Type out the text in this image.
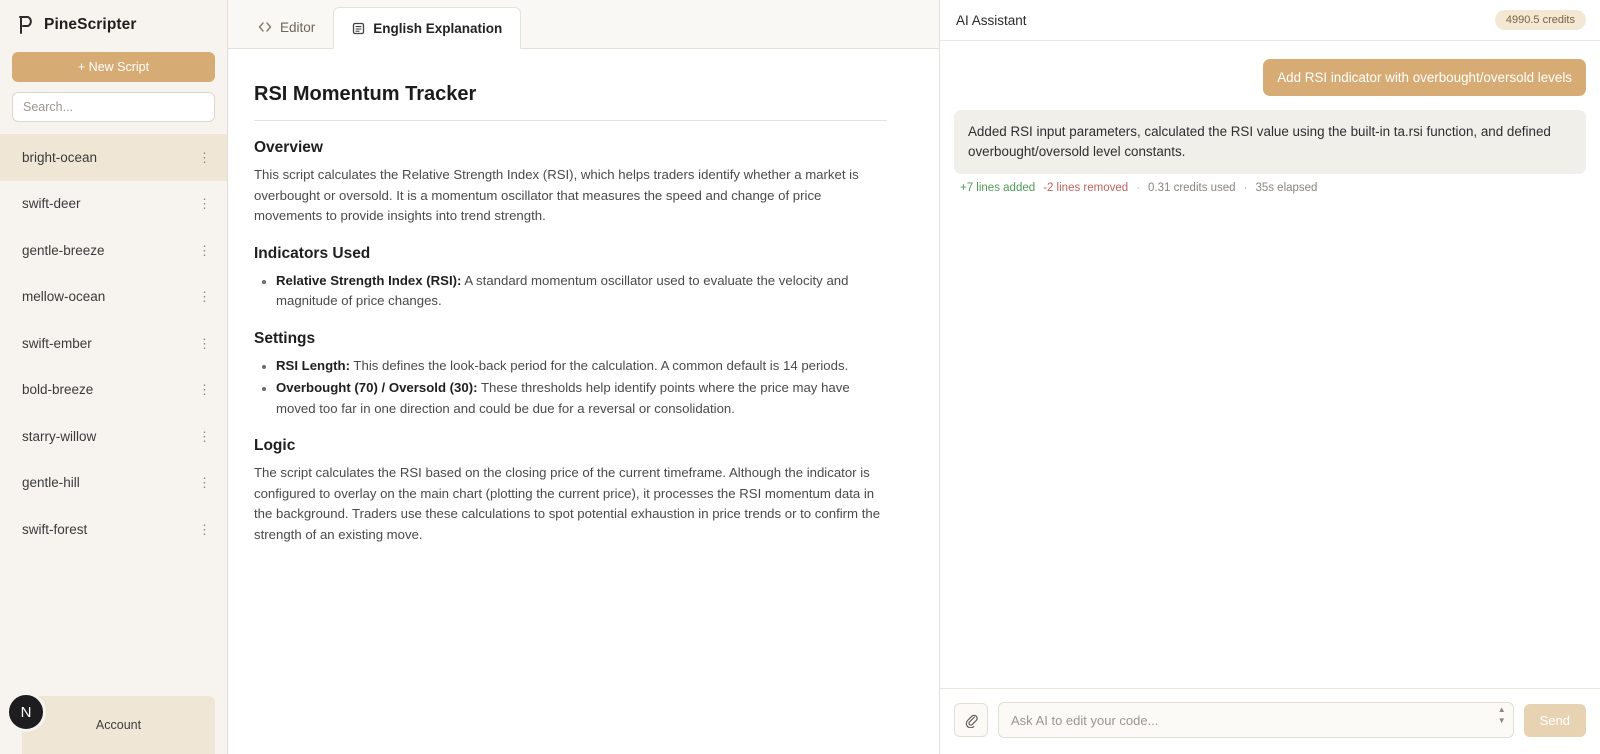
PineScripter
+ New Script
Search...
bright-ocean	⋮
swift-deer	⋮
gentle-breeze	⋮
mellow-ocean	⋮
swift-ember	⋮
bold-breeze	⋮
starry-willow	⋮
gentle-hill	⋮
swift-forest	⋮
N
Account
Editor	English Explanation
RSI Momentum Tracker
Overview

This script calculates the Relative Strength Index (RSI), which helps traders identify whether a market is overbought or oversold. It is a momentum oscillator that measures the speed and change of price movements to provide insights into trend strength.

Indicators Used
Relative Strength Index (RSI): A standard momentum oscillator used to evaluate the velocity and magnitude of price changes.
Settings
RSI Length: This defines the look-back period for the calculation. A common default is 14 periods.
Overbought (70) / Oversold (30): These thresholds help identify points where the price may have moved too far in one direction and could be due for a reversal or consolidation.
Logic

The script calculates the RSI based on the closing price of the current timeframe. Although the indicator is configured to overlay on the main chart (plotting the current price), it processes the RSI momentum data in the background. Traders use these calculations to spot potential exhaustion in price trends or to confirm the strength of an existing move.

AI Assistant	4990.5 credits
Add RSI indicator with overbought/oversold levels
Added RSI input parameters, calculated the RSI value using the built-in ta.rsi function, and defined overbought/oversold level constants.
+7 lines added -2 lines removed · 0.31 credits used · 35s elapsed
Ask AI to edit your code...
▲
▼	Send
